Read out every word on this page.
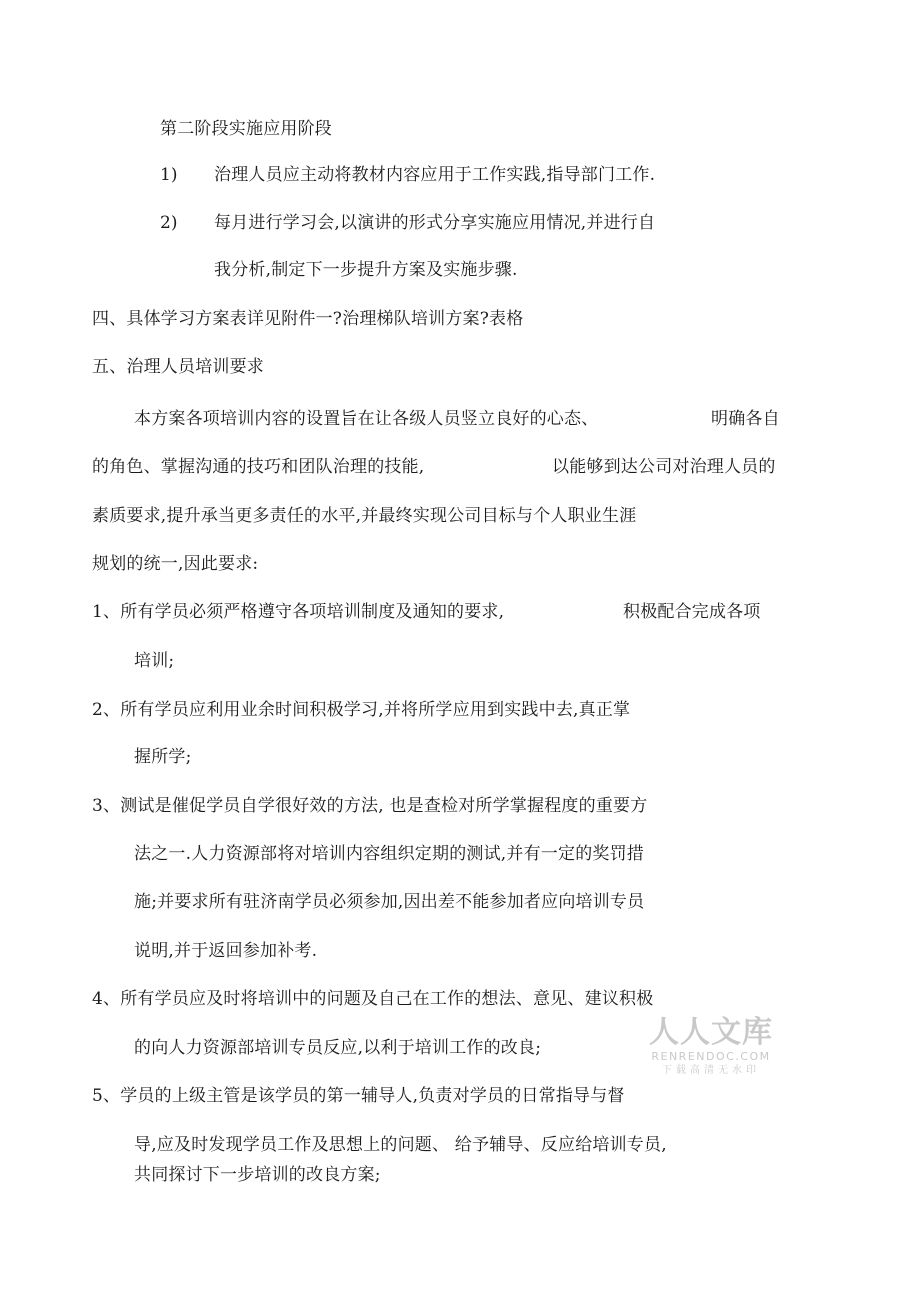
第二阶段实施应用阶段
1) 治理人员应主动将教材内容应用于工作实践,指导部门工作.
2) 每月进行学习会,以演讲的形式分享实施应用情况,并进行自
我分析,制定下一步提升方案及实施步骤.
四、具体学习方案表详见附件一?治理梯队培训方案?表格
五、治理人员培训要求
本方案各项培训内容的设置旨在让各级人员竖立良好的心态、	明确各自
的角色、掌握沟通的技巧和团队治理的技能,	以能够到达公司对治理人员的
素质要求,提升承当更多责任的水平,并最终实现公司目标与个人职业生涯
规划的统一,因此要求:
1、所有学员必须严格遵守各项培训制度及通知的要求,	积极配合完成各项
培训;
2、所有学员应利用业余时间积极学习,并将所学应用到实践中去,真正掌
握所学;
3、测试是催促学员自学很好效的方法, 也是查检对所学掌握程度的重要方
法之一.人力资源部将对培训内容组织定期的测试,并有一定的奖罚措
施;并要求所有驻济南学员必须参加,因出差不能参加者应向培训专员
说明,并于返回参加补考.
4、所有学员应及时将培训中的问题及自己在工作的想法、意见、建议积极
的向人力资源部培训专员反应,以利于培训工作的改良;
5、学员的上级主管是该学员的第一辅导人,负责对学员的日常指导与督
导,应及时发现学员工作及思想上的问题、 给予辅导、反应给培训专员,
共同探讨下一步培训的改良方案;
人人文库
RENRENDOC.COM
下载高清无水印
